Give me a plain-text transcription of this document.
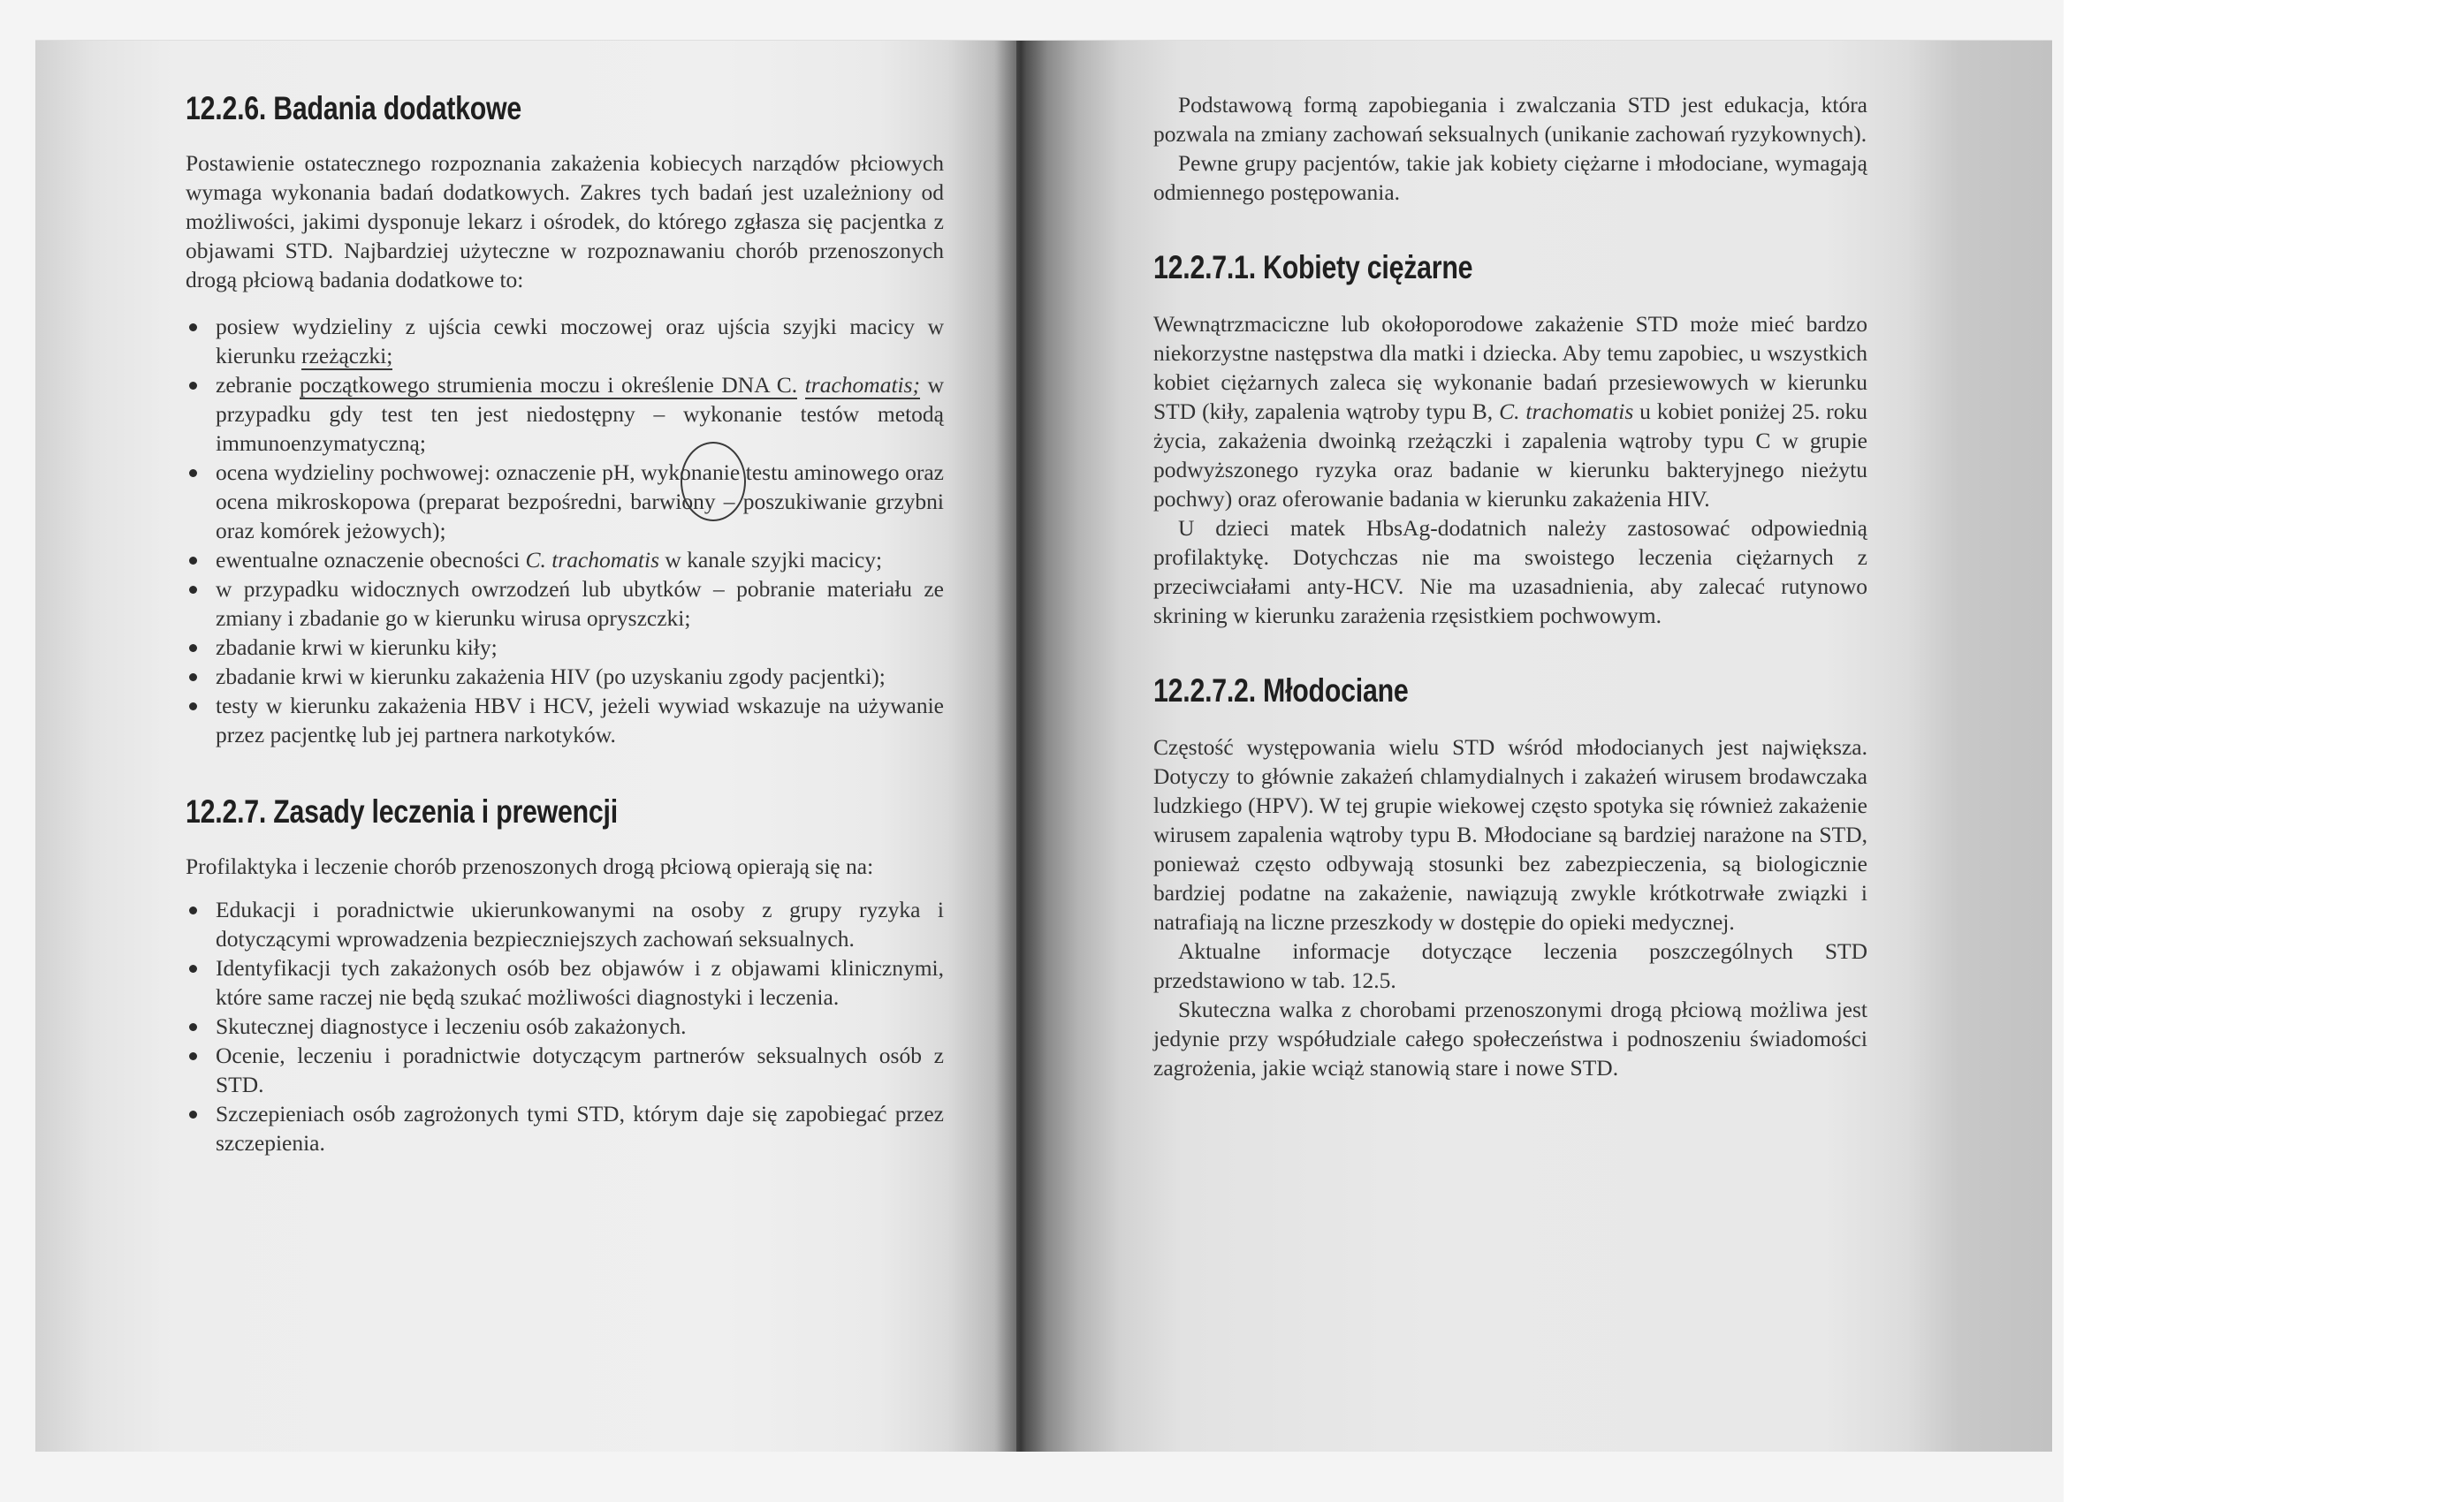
12.2.6. Badania dodatkowe

Postawienie ostatecznego rozpoznania zakażenia kobiecych narządów płciowych wymaga wykonania badań dodatkowych. Zakres tych badań jest uzależniony od możliwości, jakimi dysponuje lekarz i ośrodek, do którego zgłasza się pacjentka z objawami STD. Najbardziej użyteczne w rozpoznawaniu chorób przenoszonych drogą płciową badania dodatkowe to:

posiew wydzieliny z ujścia cewki moczowej oraz ujścia szyjki macicy w kierunku rzeżączki;
zebranie początkowego strumienia moczu i określenie DNA C. trachomatis; w przypadku gdy test ten jest niedostępny – wykonanie testów metodą immunoenzymatyczną;
ocena wydzieliny pochwowej: oznaczenie pH, wykonanie testu aminowego oraz ocena mikroskopowa (preparat bezpośredni, barwiony – poszukiwanie grzybni oraz komórek jeżowych);
ewentualne oznaczenie obecności C. trachomatis w kanale szyjki macicy;
w przypadku widocznych owrzodzeń lub ubytków – pobranie materiału ze zmiany i zbadanie go w kierunku wirusa opryszczki;
zbadanie krwi w kierunku kiły;
zbadanie krwi w kierunku zakażenia HIV (po uzyskaniu zgody pacjentki);
testy w kierunku zakażenia HBV i HCV, jeżeli wywiad wskazuje na używanie przez pacjentkę lub jej partnera narkotyków.
12.2.7. Zasady leczenia i prewencji

Profilaktyka i leczenie chorób przenoszonych drogą płciową opierają się na:

Edukacji i poradnictwie ukierunkowanymi na osoby z grupy ryzyka i dotyczącymi wprowadzenia bezpieczniejszych zachowań seksualnych.
Identyfikacji tych zakażonych osób bez objawów i z objawami klinicznymi, które same raczej nie będą szukać możliwości diagnostyki i leczenia.
Skutecznej diagnostyce i leczeniu osób zakażonych.
Ocenie, leczeniu i poradnictwie dotyczącym partnerów seksualnych osób z STD.
Szczepieniach osób zagrożonych tymi STD, którym daje się zapobiegać przez szczepienia.

Podstawową formą zapobiegania i zwalczania STD jest edukacja, która pozwala na zmiany zachowań seksualnych (unikanie zachowań ryzykownych).

Pewne grupy pacjentów, takie jak kobiety ciężarne i młodociane, wymagają odmiennego postępowania.

12.2.7.1. Kobiety ciężarne

Wewnątrzmaciczne lub okołoporodowe zakażenie STD może mieć bardzo niekorzystne następstwa dla matki i dziecka. Aby temu zapobiec, u wszystkich kobiet ciężarnych zaleca się wykonanie badań przesiewowych w kierunku STD (kiły, zapalenia wątroby typu B, C. trachomatis u kobiet poniżej 25. roku życia, zakażenia dwoinką rzeżączki i zapalenia wątroby typu C w grupie podwyższonego ryzyka oraz badanie w kierunku bakteryjnego nieżytu pochwy) oraz oferowanie badania w kierunku zakażenia HIV.

U dzieci matek HbsAg-dodatnich należy zastosować odpowiednią profilaktykę. Dotychczas nie ma swoistego leczenia ciężarnych z przeciwciałami anty-HCV. Nie ma uzasadnienia, aby zalecać rutynowo skrining w kierunku zarażenia rzęsistkiem pochwowym.

12.2.7.2. Młodociane

Częstość występowania wielu STD wśród młodocianych jest największa. Dotyczy to głównie zakażeń chlamydialnych i zakażeń wirusem brodawczaka ludzkiego (HPV). W tej grupie wiekowej często spotyka się również zakażenie wirusem zapalenia wątroby typu B. Młodociane są bardziej narażone na STD, ponieważ często odbywają stosunki bez zabezpieczenia, są biologicznie bardziej podatne na zakażenie, nawiązują zwykle krótkotrwałe związki i natrafiają na liczne przeszkody w dostępie do opieki medycznej.

Aktualne informacje dotyczące leczenia poszczególnych STD przedstawiono w tab. 12.5.

Skuteczna walka z chorobami przenoszonymi drogą płciową możliwa jest jedynie przy współudziale całego społeczeństwa i podnoszeniu świadomości zagrożenia, jakie wciąż stanowią stare i nowe STD.
